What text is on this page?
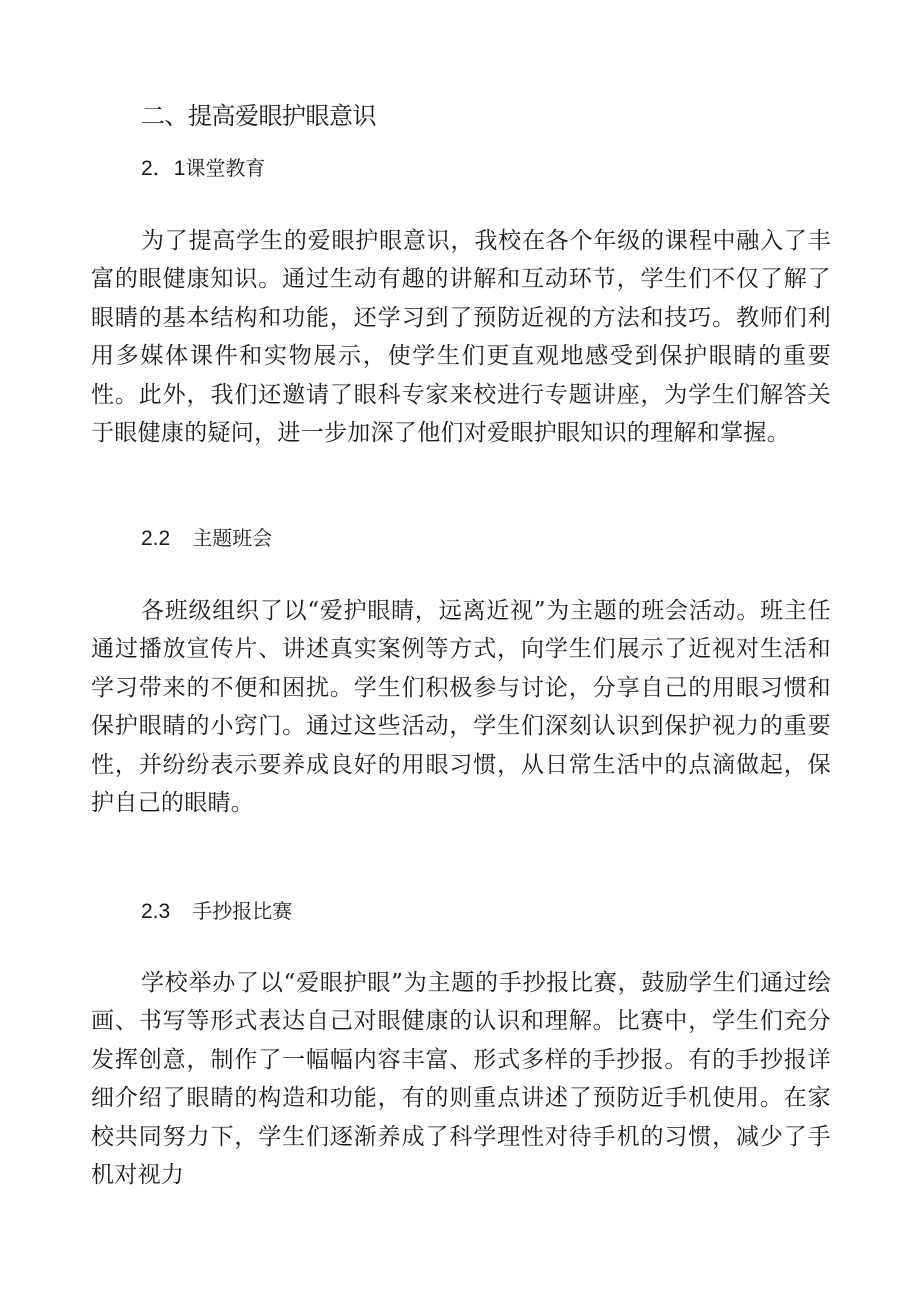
二、提高爱眼护眼意识
2．1课堂教育

为了提高学生的爱眼护眼意识，我校在各个年级的课程中融入了丰富的眼健康知识。通过生动有趣的讲解和互动环节，学生们不仅了解了眼睛的基本结构和功能，还学习到了预防近视的方法和技巧。教师们利用多媒体课件和实物展示，使学生们更直观地感受到保护眼睛的重要性。此外，我们还邀请了眼科专家来校进行专题讲座，为学生们解答关于眼健康的疑问，进一步加深了他们对爱眼护眼知识的理解和掌握。

2.2 主题班会

各班级组织了以“爱护眼睛，远离近视”为主题的班会活动。班主任通过播放宣传片、讲述真实案例等方式，向学生们展示了近视对生活和学习带来的不便和困扰。学生们积极参与讨论，分享自己的用眼习惯和保护眼睛的小窍门。通过这些活动，学生们深刻认识到保护视力的重要性，并纷纷表示要养成良好的用眼习惯，从日常生活中的点滴做起，保护自己的眼睛。

2.3 手抄报比赛

学校举办了以“爱眼护眼”为主题的手抄报比赛，鼓励学生们通过绘画、书写等形式表达自己对眼健康的认识和理解。比赛中，学生们充分发挥创意，制作了一幅幅内容丰富、形式多样的手抄报。有的手抄报详细介绍了眼睛的构造和功能，有的则重点讲述了预防近手机使用。在家校共同努力下，学生们逐渐养成了科学理性对待手机的习惯，减少了手机对视力
